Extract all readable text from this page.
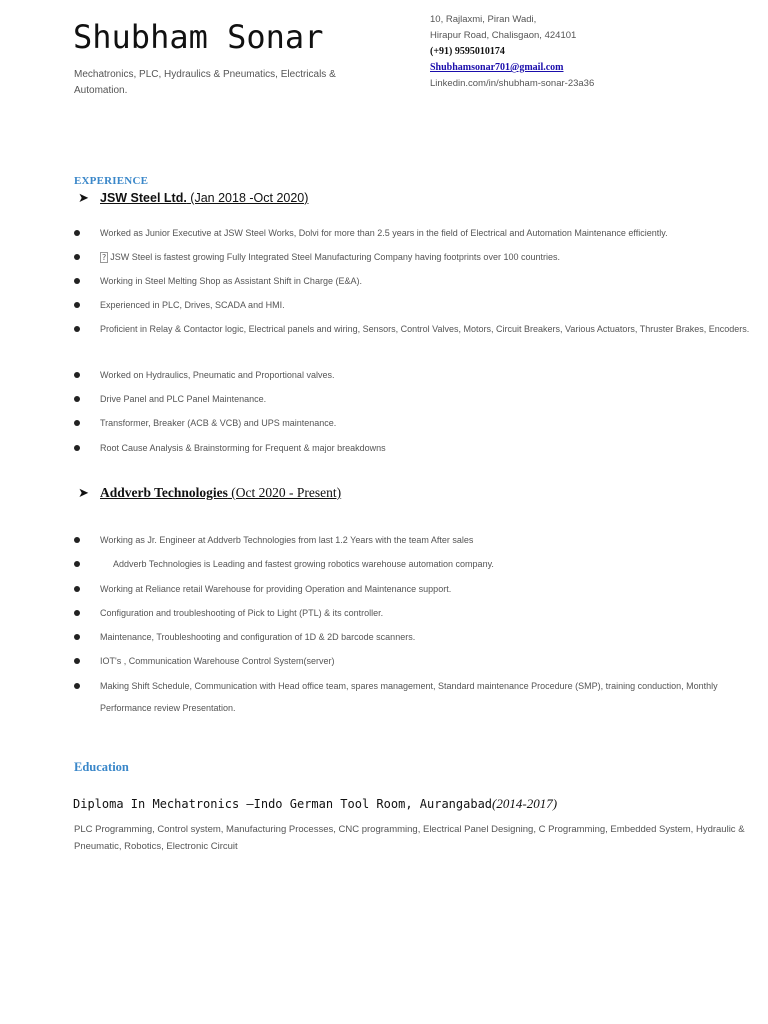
Shubham Sonar
Mechatronics, PLC, Hydraulics & Pneumatics, Electricals & Automation.
10, Rajlaxmi, Piran Wadi,
Hirapur Road, Chalisgaon, 424101
(+91) 9595010174
Shubhamsonar701@gmail.com
Linkedin.com/in/shubham-sonar-23a36
EXPERIENCE
➤ JSW Steel Ltd. (Jan 2018 -Oct 2020)
Worked as Junior Executive at JSW Steel Works, Dolvi for more than 2.5 years in the field of Electrical and Automation Maintenance efficiently.
? JSW Steel is fastest growing Fully Integrated Steel Manufacturing Company having footprints over 100 countries.
Working in Steel Melting Shop as Assistant Shift in Charge (E&A).
Experienced in PLC, Drives, SCADA and HMI.
Proficient in Relay & Contactor logic, Electrical panels and wiring, Sensors, Control Valves, Motors, Circuit Breakers, Various Actuators, Thruster Brakes, Encoders.
Worked on Hydraulics, Pneumatic and Proportional valves.
Drive Panel and PLC Panel Maintenance.
Transformer, Breaker (ACB & VCB) and UPS maintenance.
Root Cause Analysis & Brainstorming for Frequent & major breakdowns
➤ Addverb Technologies (Oct 2020 - Present)
Working as Jr. Engineer at Addverb Technologies from last 1.2 Years with the team After sales
Addverb Technologies is Leading and fastest growing robotics warehouse automation company.
Working at Reliance retail Warehouse for providing Operation and Maintenance support.
Configuration and troubleshooting of Pick to Light (PTL) & its controller.
Maintenance, Troubleshooting and configuration of 1D & 2D barcode scanners.
IOT's , Communication Warehouse Control System(server)
Making Shift Schedule, Communication with Head office team, spares management, Standard maintenance Procedure (SMP), training conduction, Monthly Performance review Presentation.
Education
Diploma In Mechatronics —Indo German Tool Room, Aurangabad(2014-2017)
PLC Programming, Control system, Manufacturing Processes, CNC programming, Electrical Panel Designing, C Programming, Embedded System, Hydraulic & Pneumatic, Robotics, Electronic Circuit
